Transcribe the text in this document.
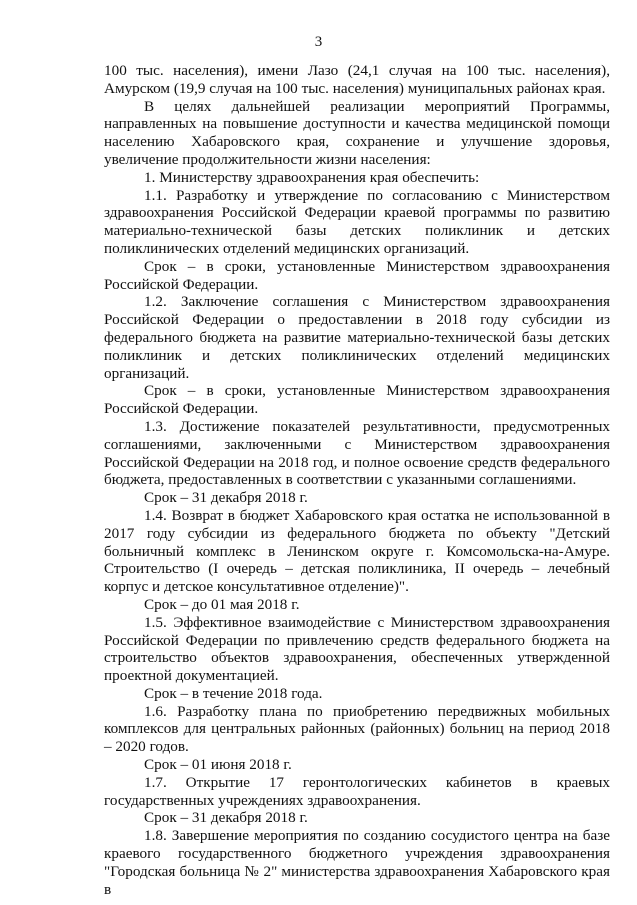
3

100 тыс. населения), имени Лазо (24,1 случая на 100 тыс. населения), Амурском (19,9 случая на 100 тыс. населения) муниципальных районах края.

В целях дальнейшей реализации мероприятий Программы, направленных на повышение доступности и качества медицинской помощи населению Хабаровского края, сохранение и улучшение здоровья, увеличение продолжительности жизни населения:

1. Министерству здравоохранения края обеспечить:

1.1. Разработку и утверждение по согласованию с Министерством здравоохранения Российской Федерации краевой программы по развитию материально-технической базы детских поликлиник и детских поликлинических отделений медицинских организаций.

Срок – в сроки, установленные Министерством здравоохранения Российской Федерации.

1.2. Заключение соглашения с Министерством здравоохранения Российской Федерации о предоставлении в 2018 году субсидии из федерального бюджета на развитие материально-технической базы детских поликлиник и детских поликлинических отделений медицинских организаций.

Срок – в сроки, установленные Министерством здравоохранения Российской Федерации.

1.3. Достижение показателей результативности, предусмотренных соглашениями, заключенными с Министерством здравоохранения Российской Федерации на 2018 год, и полное освоение средств федерального бюджета, предоставленных в соответствии с указанными соглашениями.

Срок – 31 декабря 2018 г.

1.4. Возврат в бюджет Хабаровского края остатка не использованной в 2017 году субсидии из федерального бюджета по объекту "Детский больничный комплекс в Ленинском округе г. Комсомольска-на-Амуре. Строительство (I очередь – детская поликлиника, II очередь – лечебный корпус и детское консультативное отделение)".

Срок – до 01 мая 2018 г.

1.5. Эффективное взаимодействие с Министерством здравоохранения Российской Федерации по привлечению средств федерального бюджета на строительство объектов здравоохранения, обеспеченных утвержденной проектной документацией.

Срок – в течение 2018 года.

1.6. Разработку плана по приобретению передвижных мобильных комплексов для центральных районных (районных) больниц на период 2018 – 2020 годов.

Срок – 01 июня 2018 г.

1.7. Открытие 17 геронтологических кабинетов в краевых государственных учреждениях здравоохранения.

Срок – 31 декабря 2018 г.

1.8. Завершение мероприятия по созданию сосудистого центра на базе краевого государственного бюджетного учреждения здравоохранения "Городская больница № 2" министерства здравоохранения Хабаровского края в
